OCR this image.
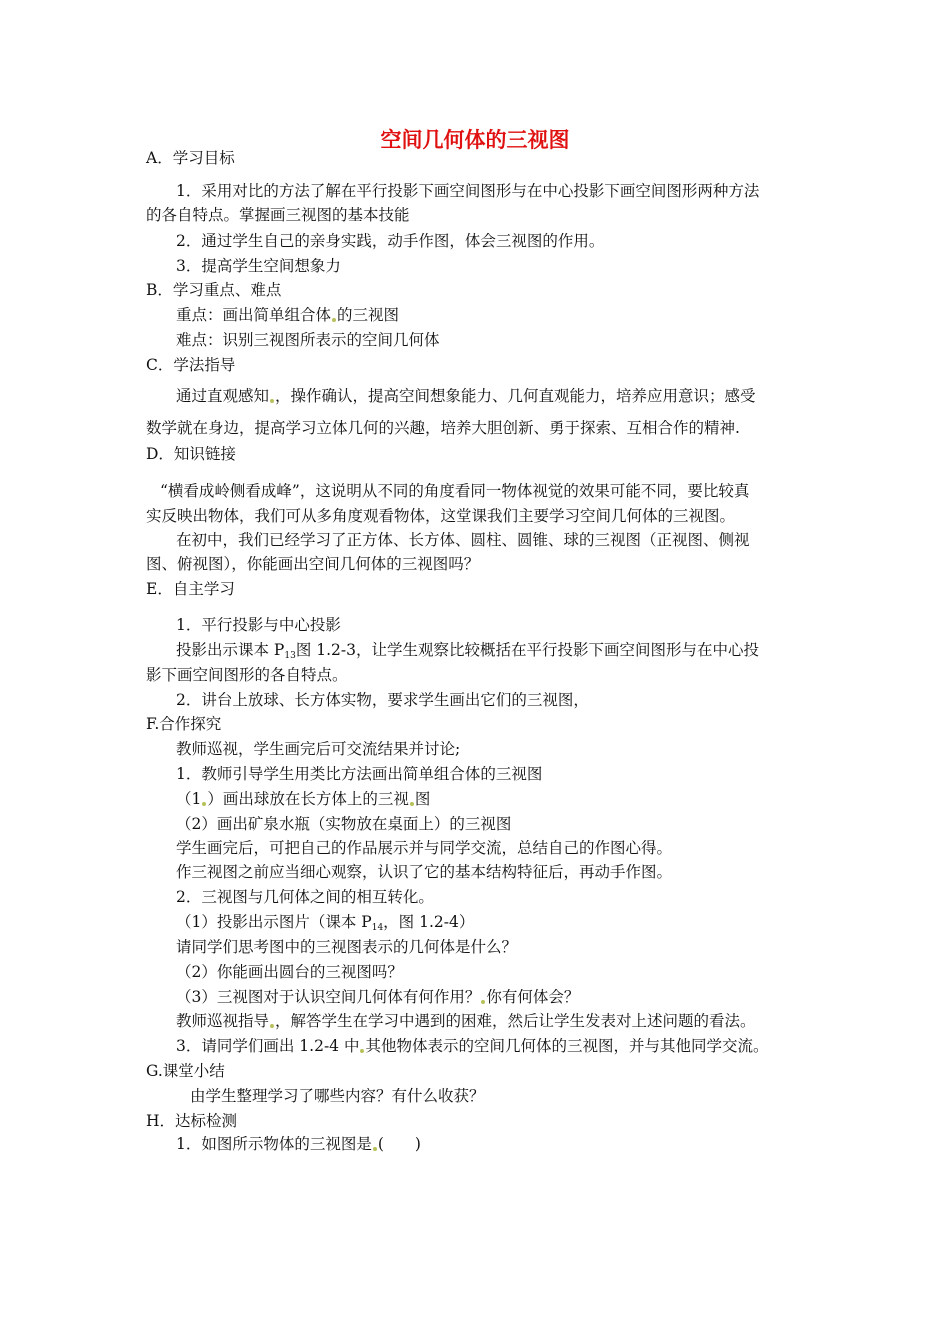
空间几何体的三视图
A．学习目标
1．采用对比的方法了解在平行投影下画空间图形与在中心投影下画空间图形两种方法
的各自特点。掌握画三视图的基本技能
2．通过学生自己的亲身实践，动手作图，体会三视图的作用。
3．提高学生空间想象力
B．学习重点、难点
重点：画出简单组合体 的三视图
难点：识别三视图所表示的空间几何体
C．学法指导
通过直观感知 ，操作确认，提高空间想象能力、几何直观能力，培养应用意识；感受
数学就在身边，提高学习立体几何的兴趣，培养大胆创新、勇于探索、互相合作的精神.
D．知识链接
“横看成岭侧看成峰”，这说明从不同的角度看同一物体视觉的效果可能不同，要比较真
实反映出物体，我们可从多角度观看物体，这堂课我们主要学习空间几何体的三视图。
在初中，我们已经学习了正方体、长方体、圆柱、圆锥、球的三视图（正视图、侧视
图、俯视图），你能画出空间几何体的三视图吗？
E．自主学习
1．平行投影与中心投影
投影出示课本 $P_{13}$图 1.2-3，让学生观察比较概括在平行投影下画空间图形与在中心投
影下画空间图形的各自特点。
2．讲台上放球、长方体实物，要求学生画出它们的三视图，
F.合作探究
教师巡视，学生画完后可交流结果并讨论;
1．教师引导学生用类比方法画出简单组合体的三视图
（1 ）画出球放在长方体上的三视 图
（2）画出矿泉水瓶（实物放在桌面上）的三视图
学生画完后，可把自己的作品展示并与同学交流，总结自己的作图心得。
作三视图之前应当细心观察，认识了它的基本结构特征后，再动手作图。
2．三视图与几何体之间的相互转化。
（1）投影出示图片（课本 $P_{14}$，图 1.2-4）
请同学们思考图中的三视图表示的几何体是什么？
（2）你能画出圆台的三视图吗？
（3）三视图对于认识空间几何体有何作用？ 你有何体会？
教师巡视指导 ，解答学生在学习中遇到的困难，然后让学生发表对上述问题的看法。
3．请同学们画出 1.2-4 中 其他物体表示的空间几何体的三视图，并与其他同学交流。
G.课堂小结
由学生整理学习了哪些内容？有什么收获？
H．达标检测
1．如图所示物体的三视图是 (　　)
